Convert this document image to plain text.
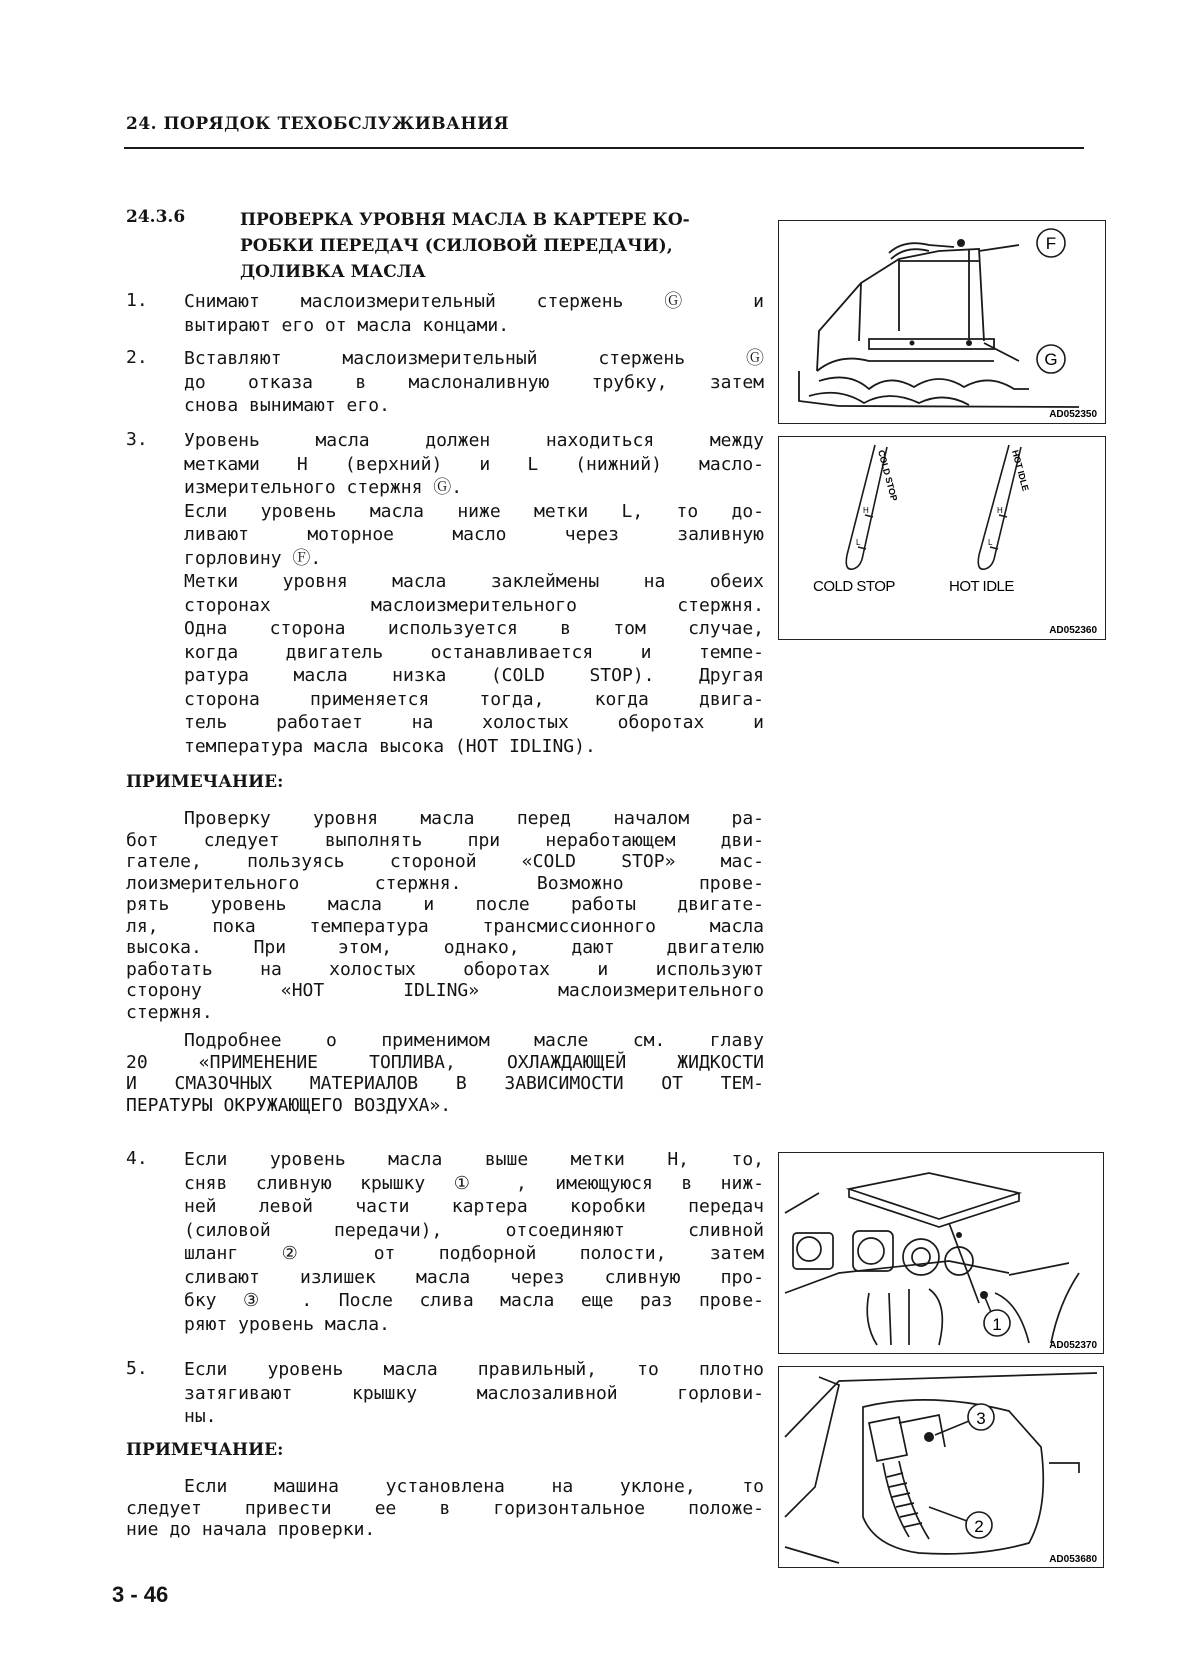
24. ПОРЯДОК ТЕХОБСЛУЖИВАНИЯ
24.3.6	ПРОВЕРКА УРОВНЯ МАСЛА В КАРТЕРЕ КО-
РОБКИ ПЕРЕДАЧ (СИЛОВОЙ ПЕРЕДАЧИ),
ДОЛИВКА МАСЛА
1. Снимают маслоизмерительный стержень Ⓖ и
вытирают его от масла концами.
2. Вставляют маслоизмерительный стержень Ⓖ
до отказа в маслоналивную трубку, затем
снова вынимают его.
3. Уровень масла должен находиться между
метками H (верхний) и L (нижний) масло-
измерительного стержня Ⓖ.
Если уровень масла ниже метки L, то до-
ливают моторное масло через заливную
горловину Ⓕ.
Метки уровня масла заклеймены на обеих
сторонах маслоизмерительного стержня.
Одна сторона используется в том случае,
когда двигатель останавливается и темпе-
ратура масла низка (COLD STOP). Другая
сторона применяется тогда, когда двига-
тель работает на холостых оборотах и
температура масла высока (HOT IDLING).
ПРИМЕЧАНИЕ:
Проверку уровня масла перед началом ра-
бот следует выполнять при неработающем дви-
гателе, пользуясь стороной «COLD STOP» мас-
лоизмерительного стержня. Возможно прове-
рять уровень масла и после работы двигате-
ля, пока температура трансмиссионного масла
высока. При этом, однако, дают двигателю
работать на холостых оборотах и используют
сторону «HOT IDLING» маслоизмерительного
стержня.
Подробнее о применимом масле см. главу
20 «ПРИМЕНЕНИЕ ТОПЛИВА, ОХЛАЖДАЮЩЕЙ ЖИДКОСТИ
И СМАЗОЧНЫХ МАТЕРИАЛОВ В ЗАВИСИМОСТИ ОТ ТЕМ-
ПЕРАТУРЫ ОКРУЖАЮЩЕГО ВОЗДУХА».
4. Если уровень масла выше метки H, то,
сняв сливную крышку ① , имеющуюся в ниж-
ней левой части картера коробки передач
(силовой передачи), отсоединяют сливной
шланг ② от подборной полости, затем
сливают излишек масла через сливную про-
бку ③ . После слива масла еще раз прове-
ряют уровень масла.
5. Если уровень масла правильный, то плотно
затягивают крышку маслозаливной горлови-
ны.
ПРИМЕЧАНИЕ:
Если машина установлена на уклоне, то
следует привести ее в горизонтальное положе-
ние до начала проверки.
F
G
AD052350
COLD STOP	HOT IDLE
H
L
H
L
COLD STOP	HOT IDLE
AD052360
1
AD052370
3
2
AD053680
3 - 46
